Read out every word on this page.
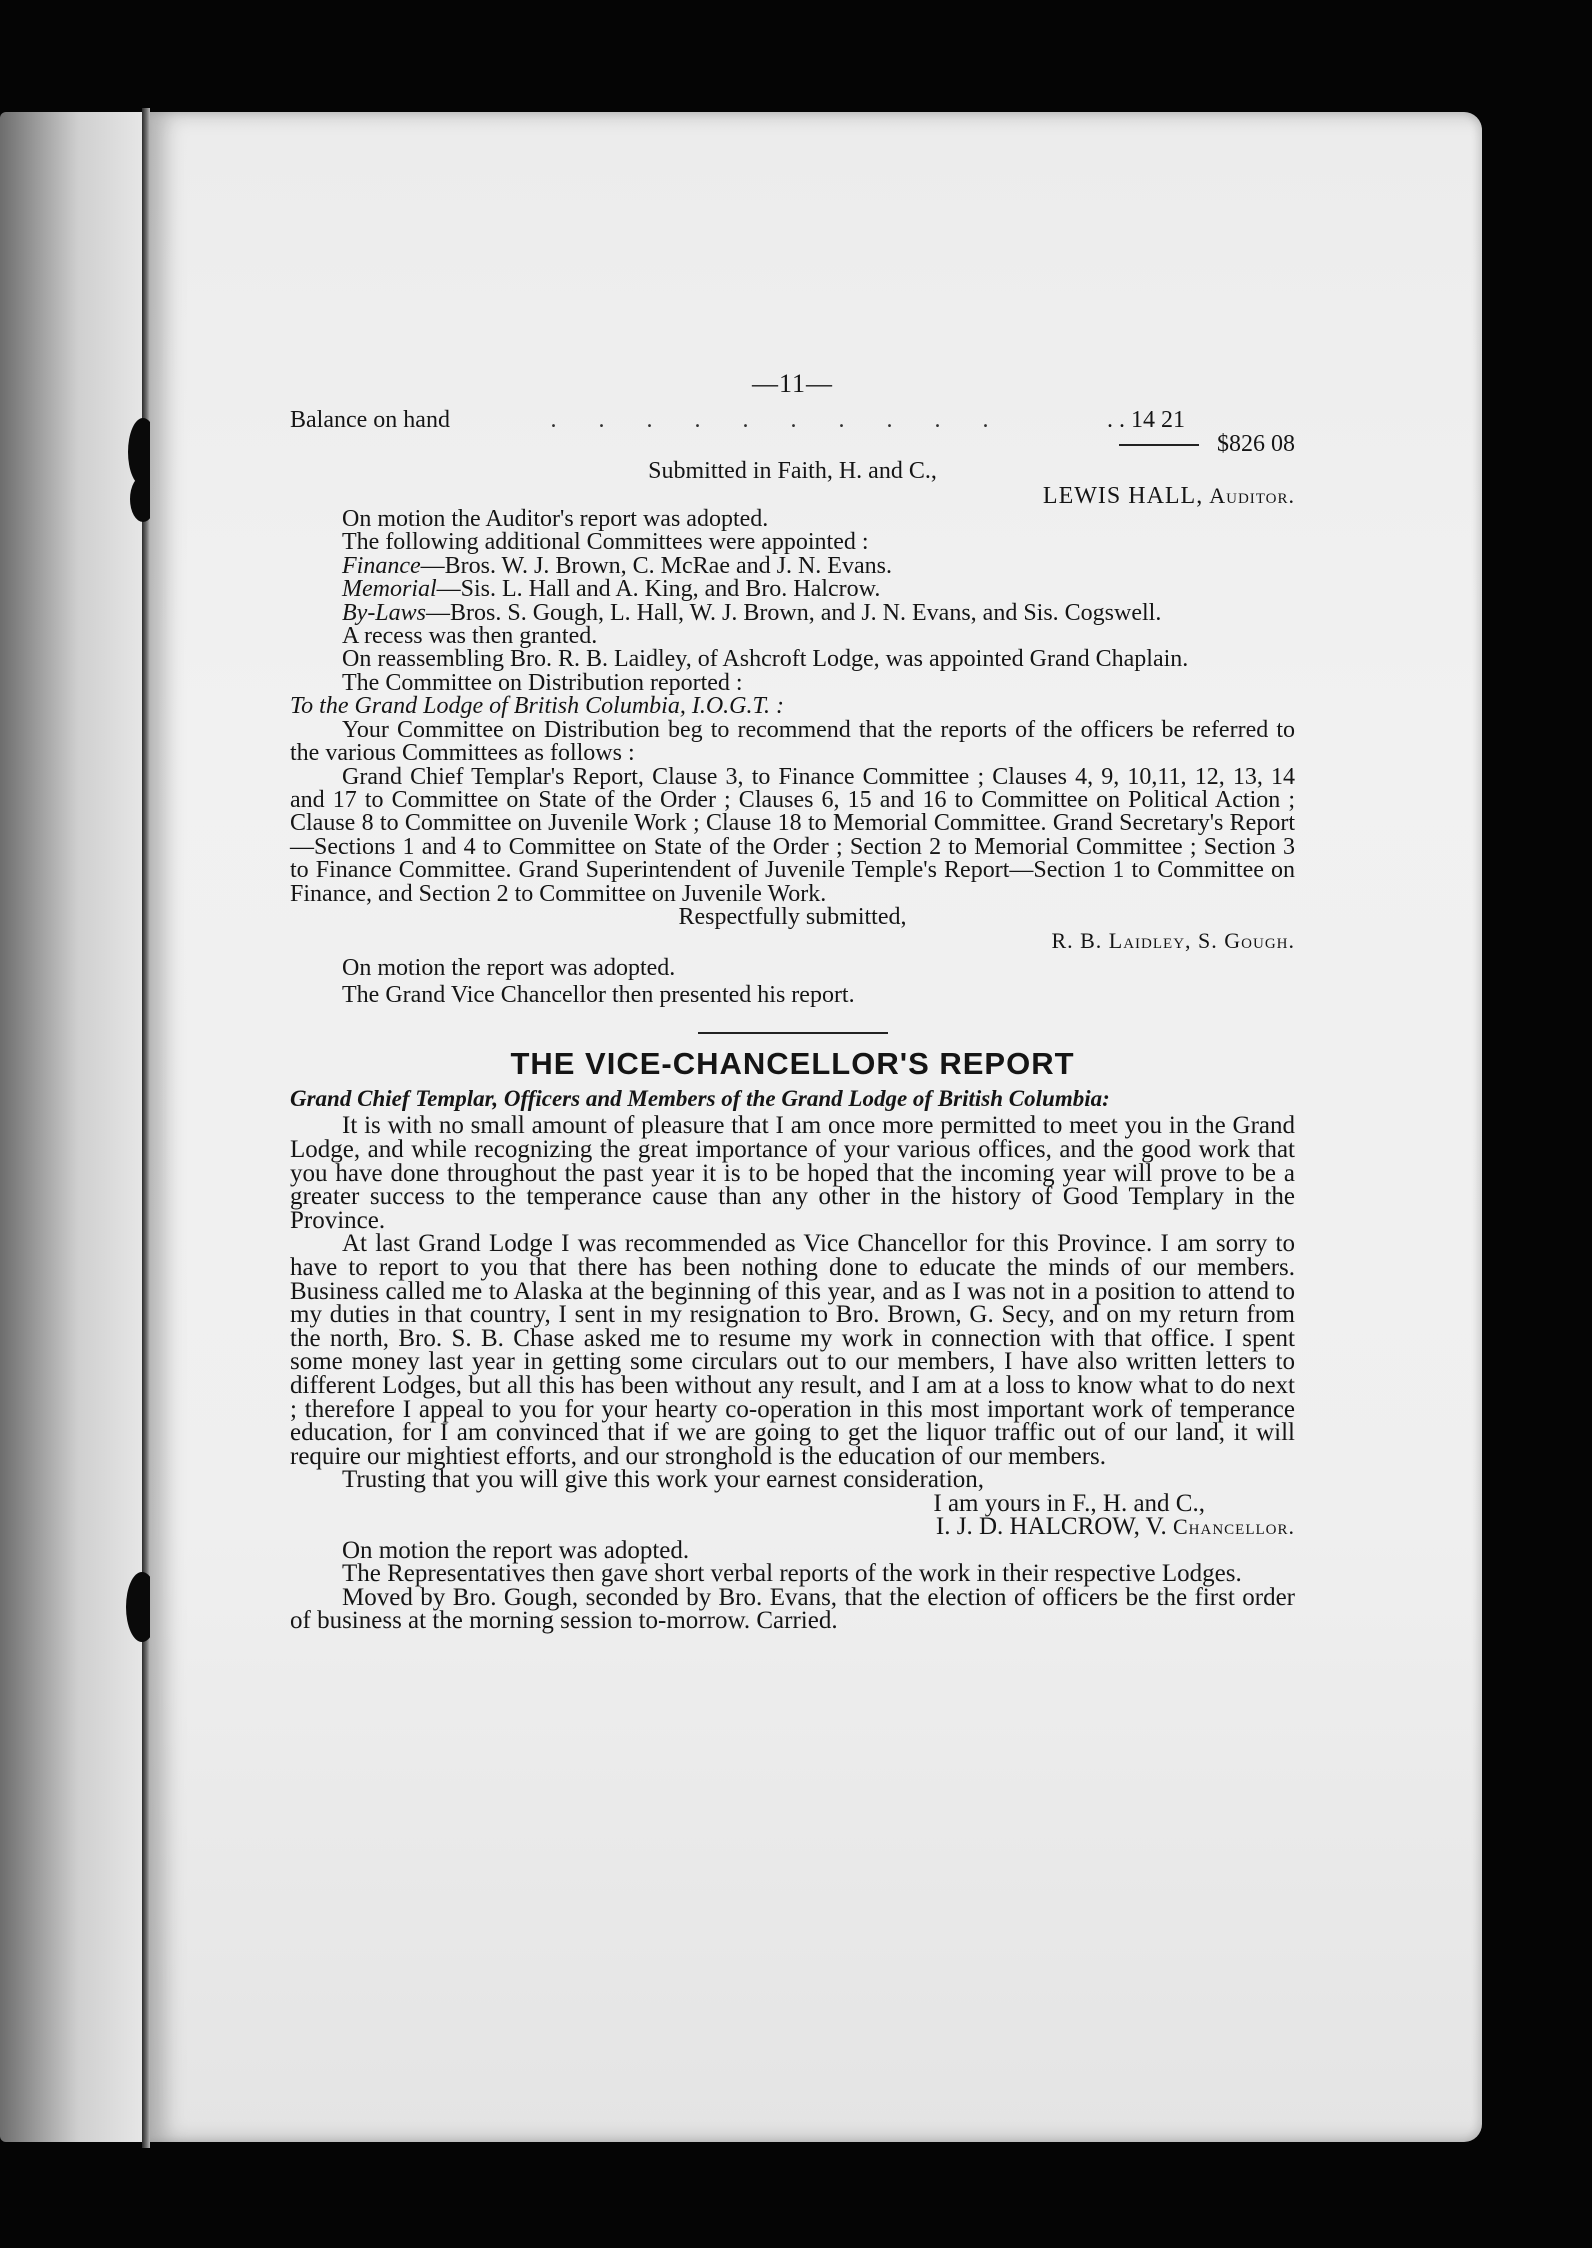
—11—
Balance on hand	. . . . . . . . . .	. . 14 21
$826 08
Submitted in Faith, H. and C.,
LEWIS HALL, Auditor.

On motion the Auditor's report was adopted.

The following additional Committees were appointed :

Finance—Bros. W. J. Brown, C. McRae and J. N. Evans.

Memorial—Sis. L. Hall and A. King, and Bro. Halcrow.

By-Laws—Bros. S. Gough, L. Hall, W. J. Brown, and J. N. Evans, and Sis. Cogswell.

A recess was then granted.

On reassembling Bro. R. B. Laidley, of Ashcroft Lodge, was appointed Grand Chaplain.

The Committee on Distribution reported :

To the Grand Lodge of British Columbia, I.O.G.T. :

Your Committee on Distribution beg to recommend that the reports of the officers be referred to the various Committees as follows :

Grand Chief Templar's Report, Clause 3, to Finance Committee ; Clauses 4, 9, 10,11, 12, 13, 14 and 17 to Committee on State of the Order ; Clauses 6, 15 and 16 to Committee on Political Action ; Clause 8 to Committee on Juvenile Work ; Clause 18 to Memorial Committee. Grand Secretary's Report—Sections 1 and 4 to Committee on State of the Order ; Section 2 to Memorial Committee ; Section 3 to Finance Committee. Grand Superintendent of Juvenile Temple's Report—Section 1 to Committee on Finance, and Section 2 to Committee on Juvenile Work.

Respectfully submitted,
R. B. Laidley, S. Gough.

On motion the report was adopted.

The Grand Vice Chancellor then presented his report.

THE VICE-CHANCELLOR'S REPORT
Grand Chief Templar, Officers and Members of the Grand Lodge of British Columbia:

It is with no small amount of pleasure that I am once more permitted to meet you in the Grand Lodge, and while recognizing the great importance of your various offices, and the good work that you have done throughout the past year it is to be hoped that the incoming year will prove to be a greater success to the temperance cause than any other in the history of Good Templary in the Province.

At last Grand Lodge I was recommended as Vice Chancellor for this Province. I am sorry to have to report to you that there has been nothing done to educate the minds of our members. Business called me to Alaska at the beginning of this year, and as I was not in a position to attend to my duties in that country, I sent in my resignation to Bro. Brown, G. Secy, and on my return from the north, Bro. S. B. Chase asked me to resume my work in connection with that office. I spent some money last year in getting some circulars out to our members, I have also written letters to different Lodges, but all this has been without any result, and I am at a loss to know what to do next ; therefore I appeal to you for your hearty co-operation in this most important work of temperance education, for I am convinced that if we are going to get the liquor traffic out of our land, it will require our mightiest efforts, and our stronghold is the education of our members.

Trusting that you will give this work your earnest consideration,

I am yours in F., H. and C.,
I. J. D. HALCROW, V. Chancellor.

On motion the report was adopted.

The Representatives then gave short verbal reports of the work in their respective Lodges.

Moved by Bro. Gough, seconded by Bro. Evans, that the election of officers be the first order of business at the morning session to-morrow. Carried.
